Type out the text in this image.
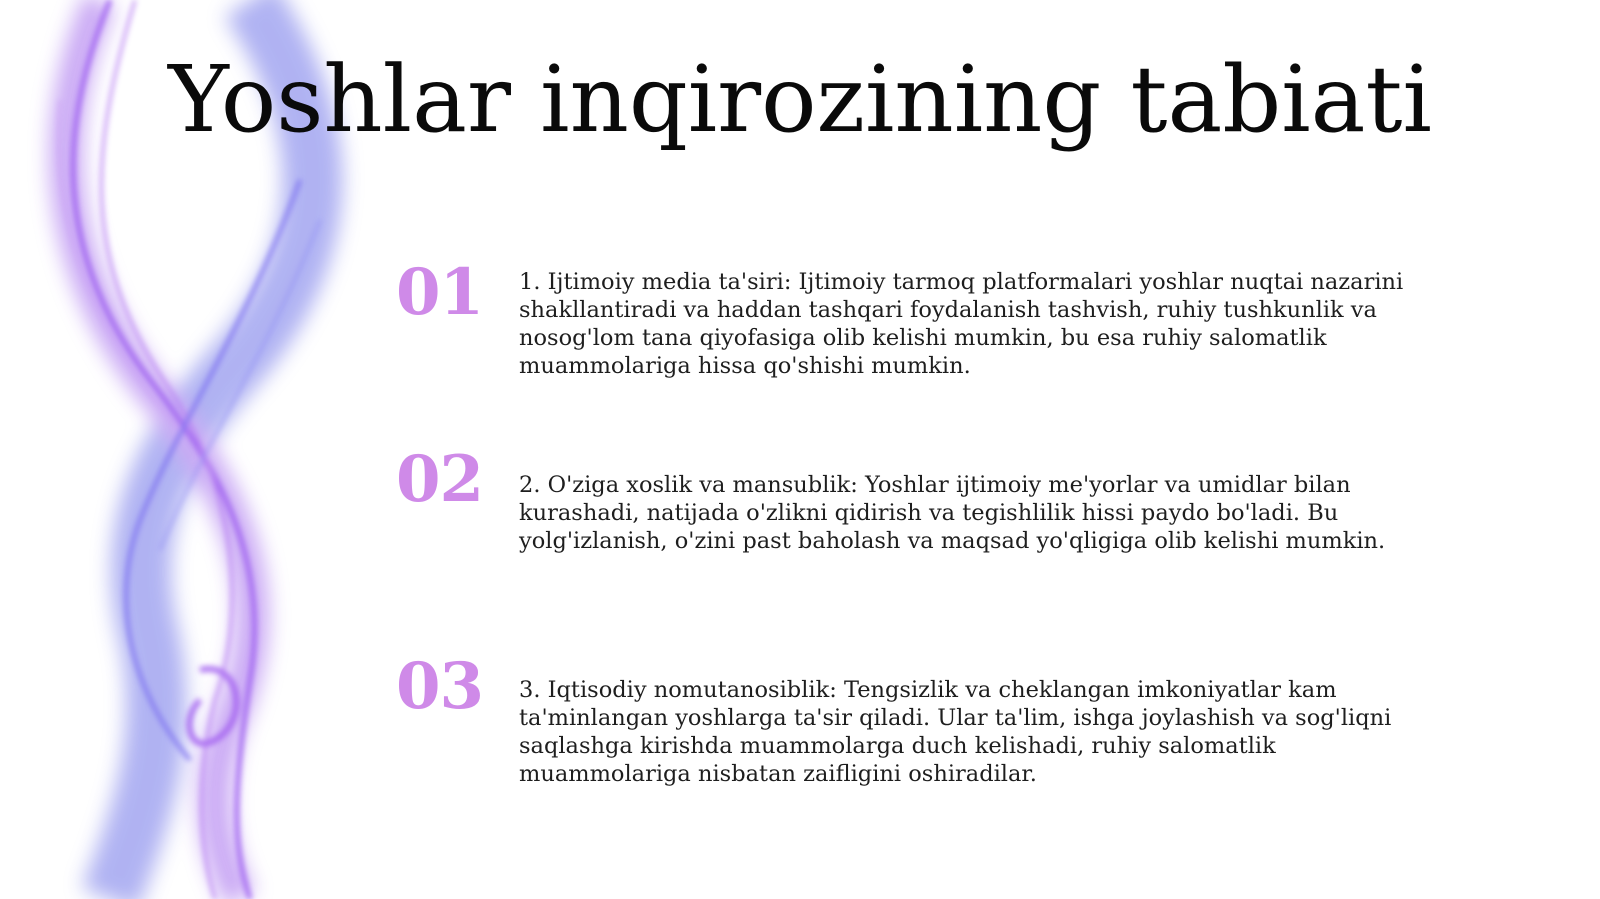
Yoshlar inqirozining tabiati
01 1. Ijtimoiy media ta'siri: Ijtimoiy tarmoq platformalari yoshlar nuqtai nazarini shakllantiradi va haddan tashqari foydalanish tashvish, ruhiy tushkunlik va nosog'lom tana qiyofasiga olib kelishi mumkin, bu esa ruhiy salomatlik muammolariga hissa qo'shishi mumkin.
02 2. O'ziga xoslik va mansublik: Yoshlar ijtimoiy me'yorlar va umidlar bilan kurashadi, natijada o'zlikni qidirish va tegishlilik hissi paydo bo'ladi. Bu yolg'izlanish, o'zini past baholash va maqsad yo'qligiga olib kelishi mumkin.
03 3. Iqtisodiy nomutanosiblik: Tengsizlik va cheklangan imkoniyatlar kam ta'minlangan yoshlarga ta'sir qiladi. Ular ta'lim, ishga joylashish va sog'liqni saqlashga kirishda muammolarga duch kelishadi, ruhiy salomatlik muammolariga nisbatan zaifligini oshiradilar.
